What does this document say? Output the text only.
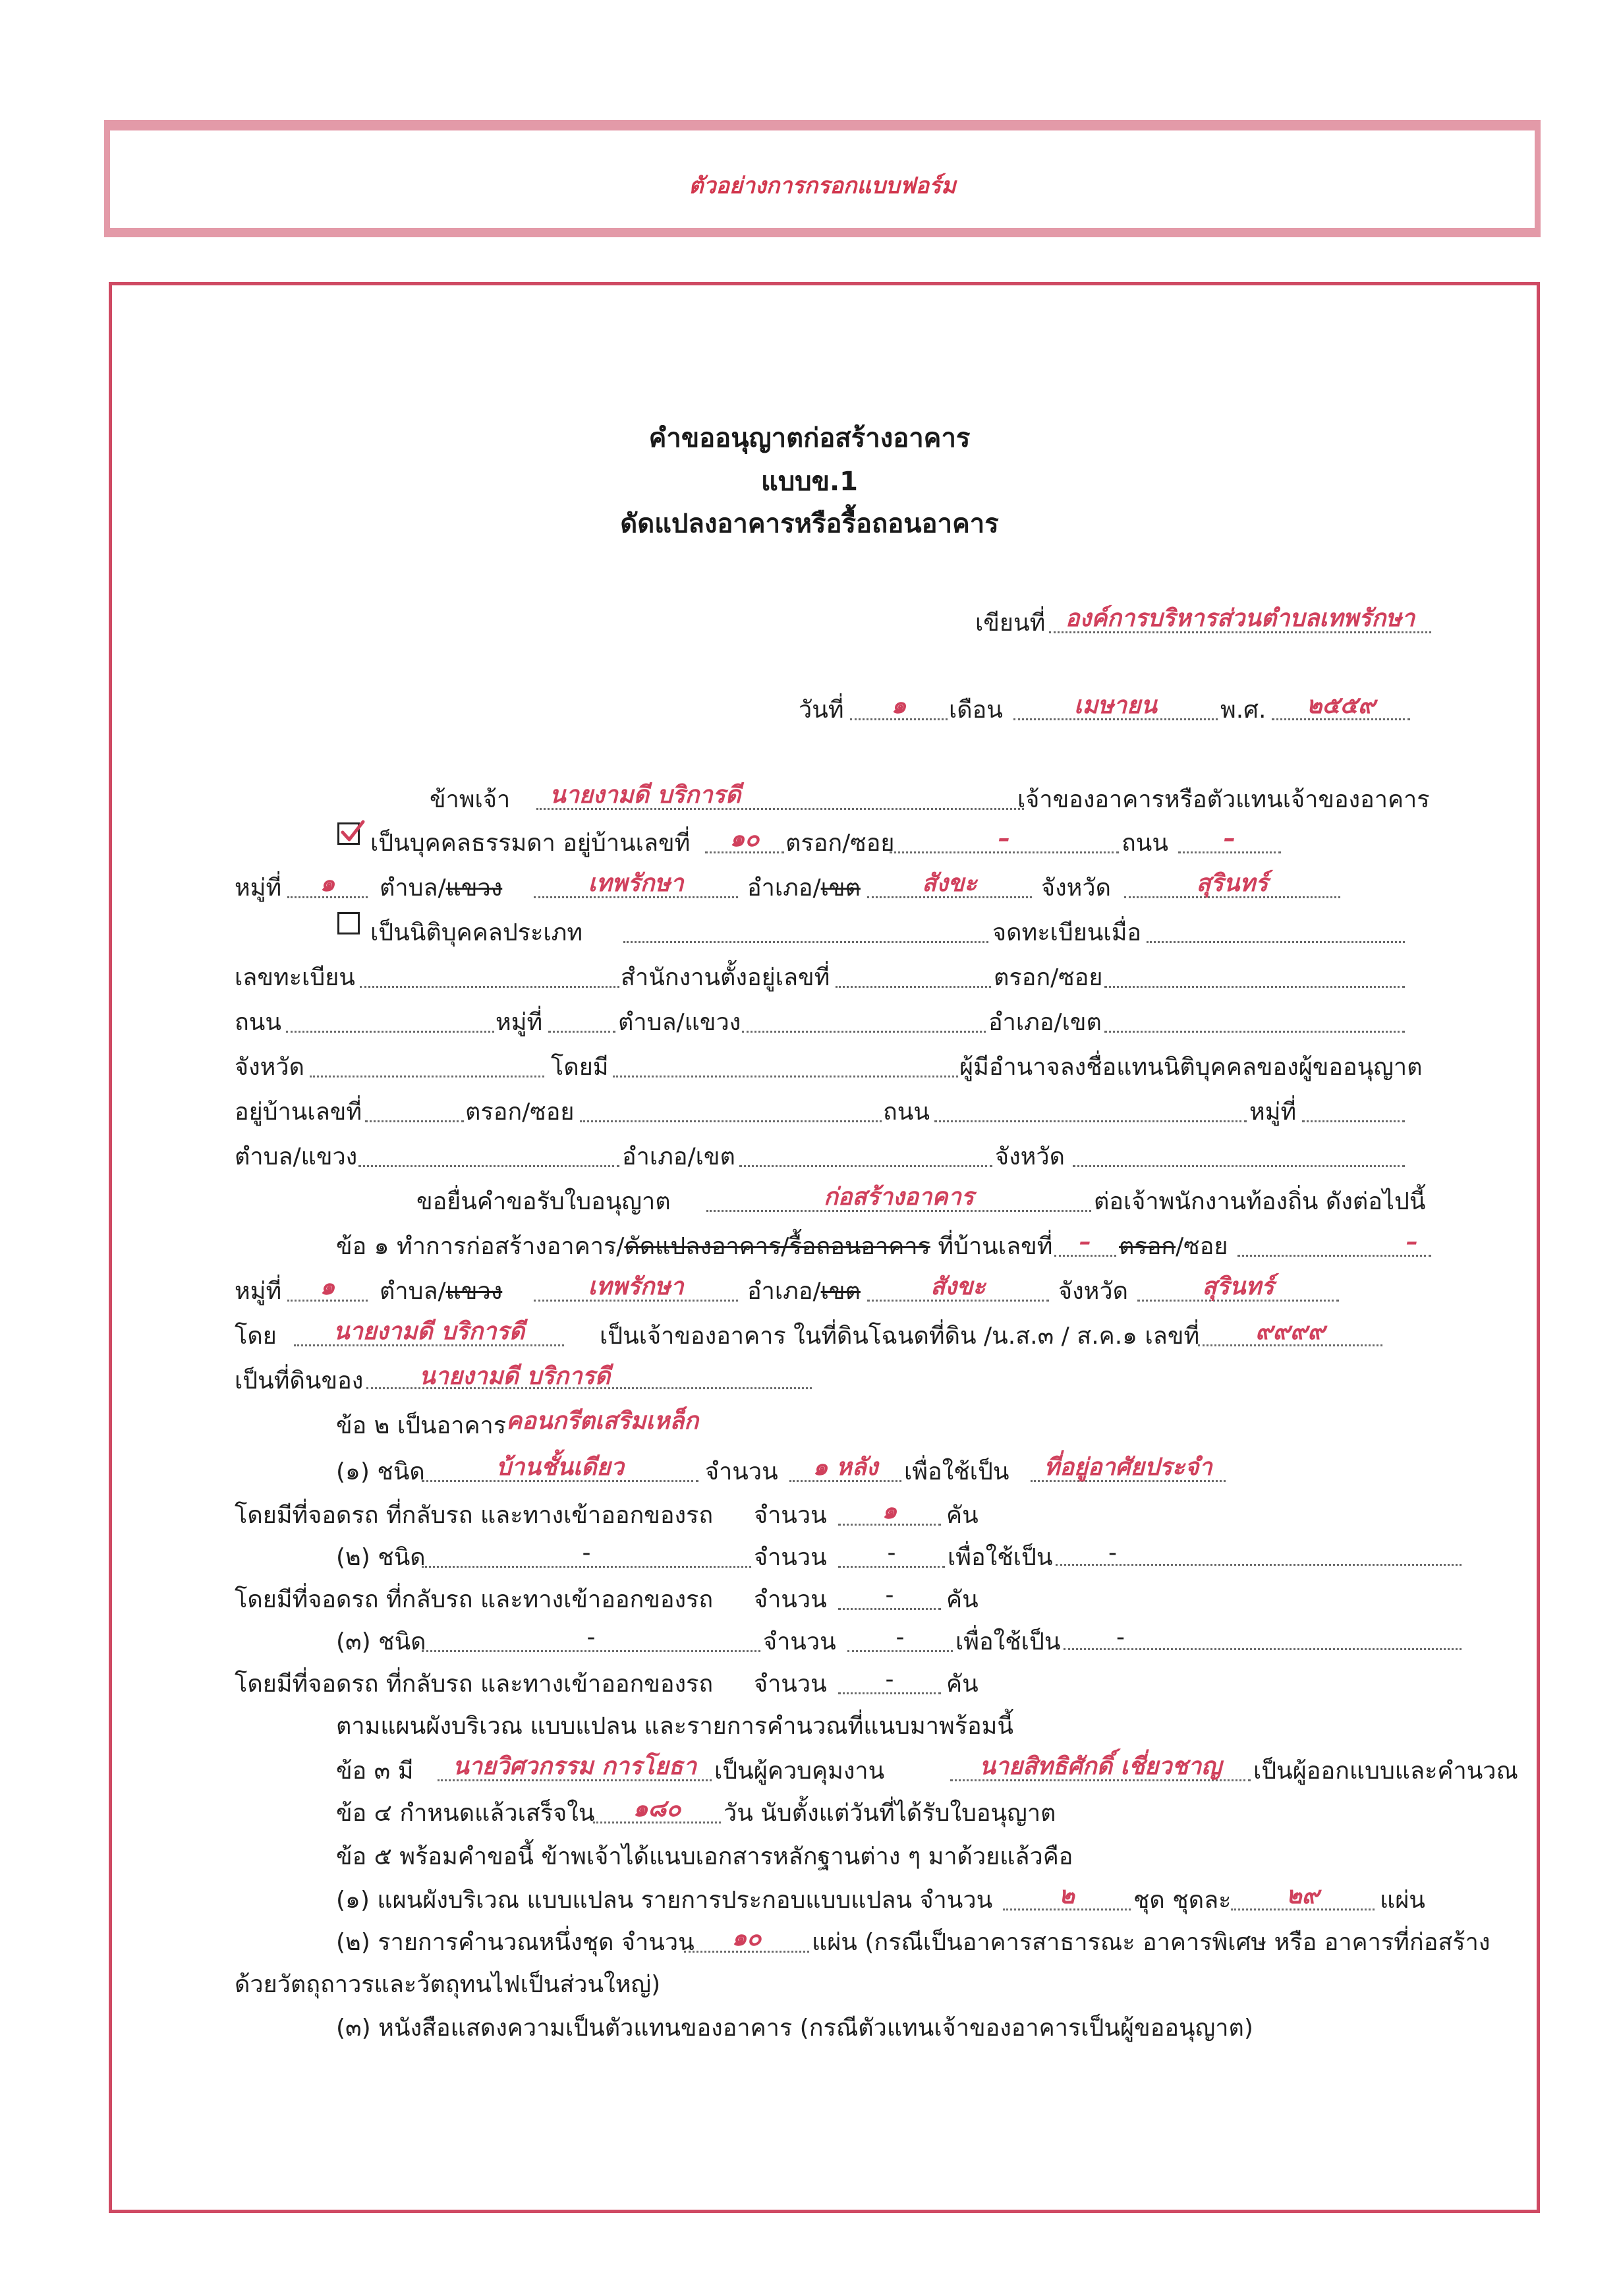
ตัวอย่างการกรอกแบบฟอร์ม
คำขออนุญาตก่อสร้างอาคาร
แบบข.1
ดัดแปลงอาคารหรือรื้อถอนอาคาร
เขียนที่ องค์การบริหารส่วนตำบลเทพรักษา
วันที่	๑	เดือน	เมษายน	พ.ศ.	๒๕๕๙
ข้าพเจ้า	นายงามดี บริการดี	เจ้าของอาคารหรือตัวแทนเจ้าของอาคาร
เป็นบุคคลธรรมดา อยู่บ้านเลขที่	๑๐	ตรอก/ซอย	–	ถนน	–
หมู่ที่	๑	ตำบล/แขวง	เทพรักษา	อำเภอ/เขต	สังขะ	จังหวัด	สุรินทร์
เป็นนิติบุคคลประเภท	จดทะเบียนเมื่อ
เลขทะเบียน	สำนักงานตั้งอยู่เลขที่	ตรอก/ซอย
ถนน	หมู่ที่	ตำบล/แขวง	อำเภอ/เขต
จังหวัด	โดยมี	ผู้มีอำนาจลงชื่อแทนนิติบุคคลของผู้ขออนุญาต
อยู่บ้านเลขที่	ตรอก/ซอย	ถนน	หมู่ที่
ตำบล/แขวง	อำเภอ/เขต	จังหวัด
ขอยื่นคำขอรับใบอนุญาต	ก่อสร้างอาคาร	ต่อเจ้าพนักงานท้องถิ่น ดังต่อไปนี้
ข้อ ๑ ทำการก่อสร้างอาคาร/ดัดแปลงอาคาร/รื้อถอนอาคาร ที่บ้านเลขที่	–	ตรอก/ซอย	–
หมู่ที่	๑	ตำบล/แขวง	เทพรักษา	อำเภอ/เขต	สังขะ	จังหวัด	สุรินทร์
โดย	นายงามดี บริการดี	เป็นเจ้าของอาคาร ในที่ดินโฉนดที่ดิน /น.ส.๓ / ส.ค.๑ เลขที่	๙๙๙๙
เป็นที่ดินของ	นายงามดี บริการดี
ข้อ ๒ เป็นอาคาร คอนกรีตเสริมเหล็ก
(๑) ชนิด	บ้านชั้นเดียว	จำนวน	๑ หลัง	เพื่อใช้เป็น	ที่อยู่อาศัยประจำ
โดยมีที่จอดรถ ที่กลับรถ และทางเข้าออกของรถ จำนวน	๑	คัน
(๒) ชนิด	-	จำนวน	-	เพื่อใช้เป็น	-
โดยมีที่จอดรถ ที่กลับรถ และทางเข้าออกของรถ จำนวน	-	คัน
(๓) ชนิด	-	จำนวน	-	เพื่อใช้เป็น	-
โดยมีที่จอดรถ ที่กลับรถ และทางเข้าออกของรถ จำนวน	-	คัน
ตามแผนผังบริเวณ แบบแปลน และรายการคำนวณที่แนบมาพร้อมนี้
ข้อ ๓ มี	นายวิศวกรรม การโยธา เป็นผู้ควบคุมงาน	นายสิทธิศักดิ์ เชี่ยวชาญ	เป็นผู้ออกแบบและคำนวณ
ข้อ ๔ กำหนดแล้วเสร็จใน	๑๘๐	วัน นับตั้งแต่วันที่ได้รับใบอนุญาต
ข้อ ๕ พร้อมคำขอนี้ ข้าพเจ้าได้แนบเอกสารหลักฐานต่าง ๆ มาด้วยแล้วคือ
(๑) แผนผังบริเวณ แบบแปลน รายการประกอบแบบแปลน จำนวน	๒	ชุด ชุดละ	๒๙	แผ่น
(๒) รายการคำนวณหนึ่งชุด จำนวน	๑๐	แผ่น (กรณีเป็นอาคารสาธารณะ อาคารพิเศษ หรือ อาคารที่ก่อสร้าง
ด้วยวัตถุถาวรและวัตถุทนไฟเป็นส่วนใหญ่)
(๓) หนังสือแสดงความเป็นตัวแทนของอาคาร (กรณีตัวแทนเจ้าของอาคารเป็นผู้ขออนุญาต)
